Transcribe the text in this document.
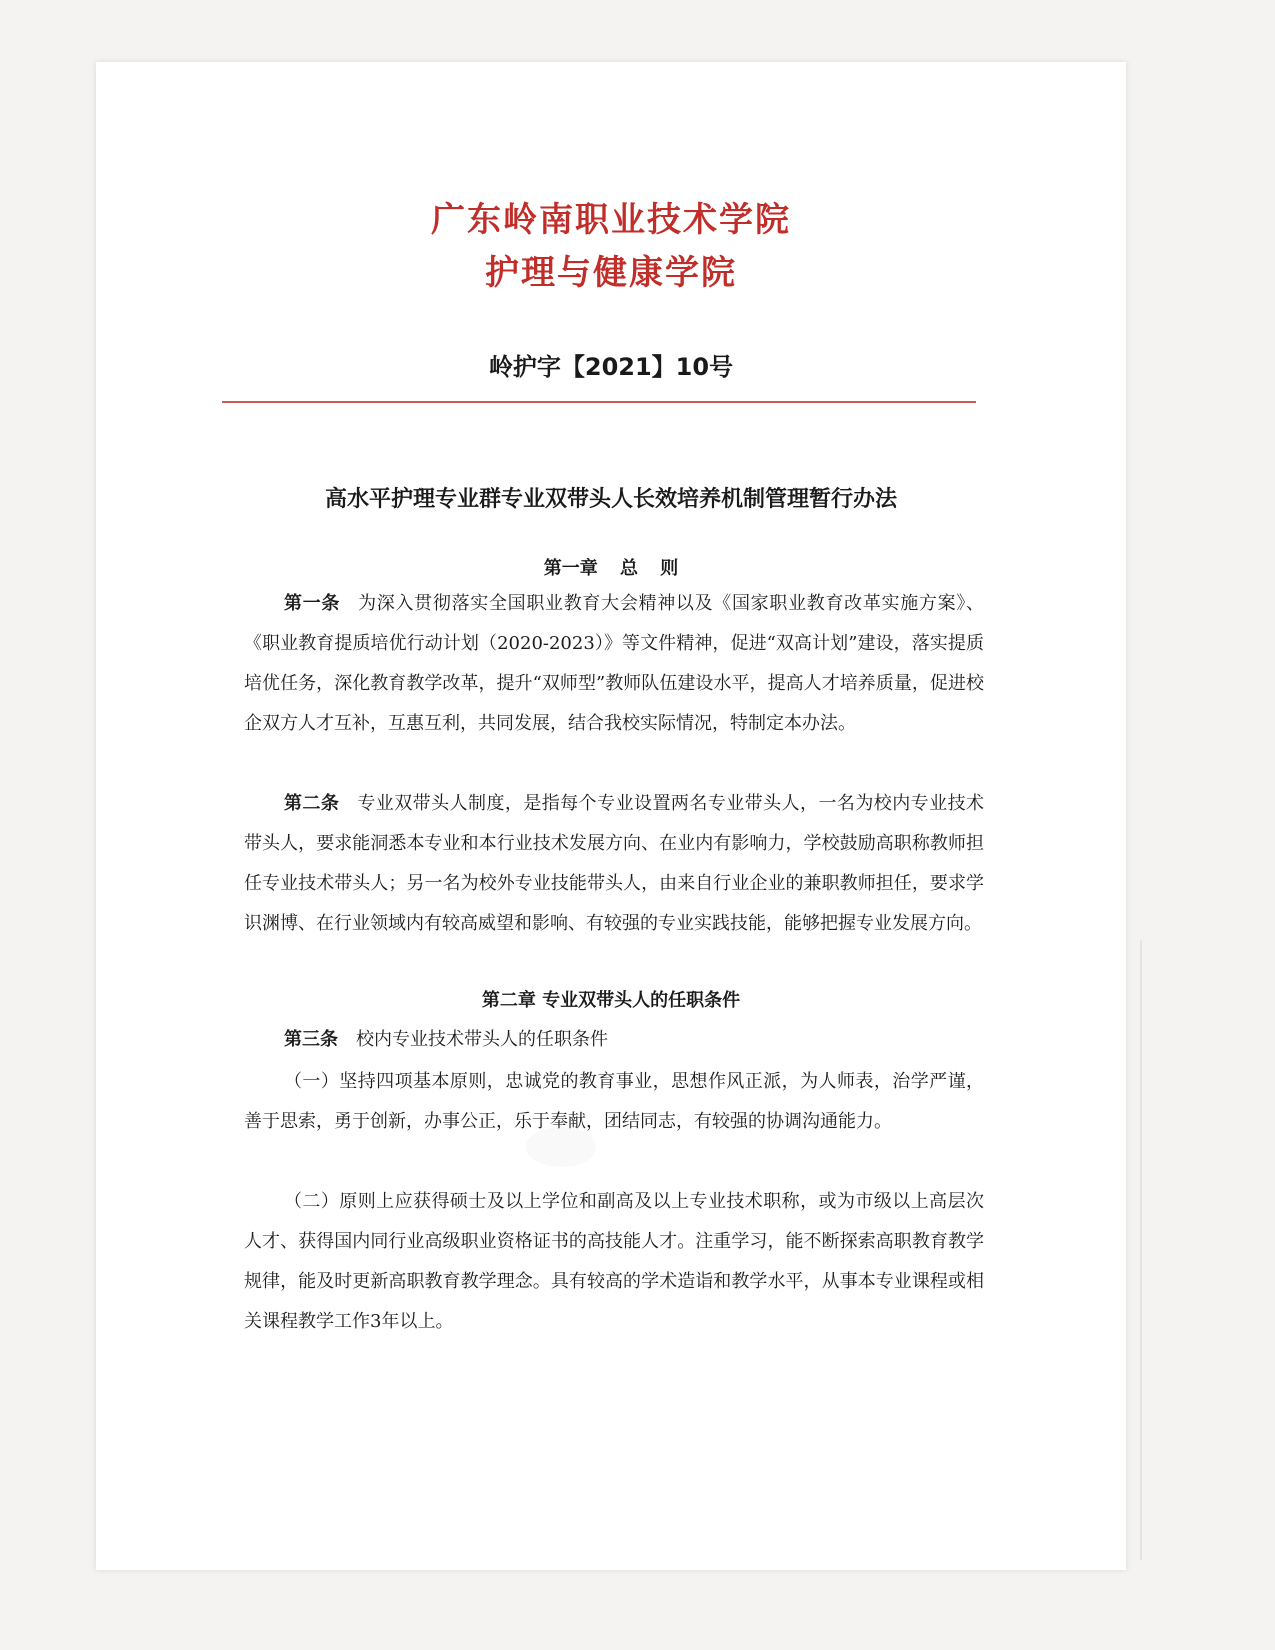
广东岭南职业技术学院
护理与健康学院
岭护字【2021】10号
高水平护理专业群专业双带头人长效培养机制管理暂行办法
第一章 总 则
第一条 为深入贯彻落实全国职业教育大会精神以及《国家职业教育改革实施方案》、《职业教育提质培优行动计划（2020-2023）》等文件精神，促进“双高计划”建设，落实提质培优任务，深化教育教学改革，提升“双师型”教师队伍建设水平，提高人才培养质量，促进校企双方人才互补，互惠互利，共同发展，结合我校实际情况，特制定本办法。
第二条 专业双带头人制度，是指每个专业设置两名专业带头人，一名为校内专业技术带头人，要求能洞悉本专业和本行业技术发展方向、在业内有影响力，学校鼓励高职称教师担任专业技术带头人；另一名为校外专业技能带头人，由来自行业企业的兼职教师担任，要求学识渊博、在行业领域内有较高威望和影响、有较强的专业实践技能，能够把握专业发展方向。
第二章 专业双带头人的任职条件
第三条 校内专业技术带头人的任职条件
（一）坚持四项基本原则，忠诚党的教育事业，思想作风正派，为人师表，治学严谨，善于思索，勇于创新，办事公正，乐于奉献，团结同志，有较强的协调沟通能力。
（二）原则上应获得硕士及以上学位和副高及以上专业技术职称，或为市级以上高层次人才、获得国内同行业高级职业资格证书的高技能人才。注重学习，能不断探索高职教育教学规律，能及时更新高职教育教学理念。具有较高的学术造诣和教学水平，从事本专业课程或相关课程教学工作3年以上。
